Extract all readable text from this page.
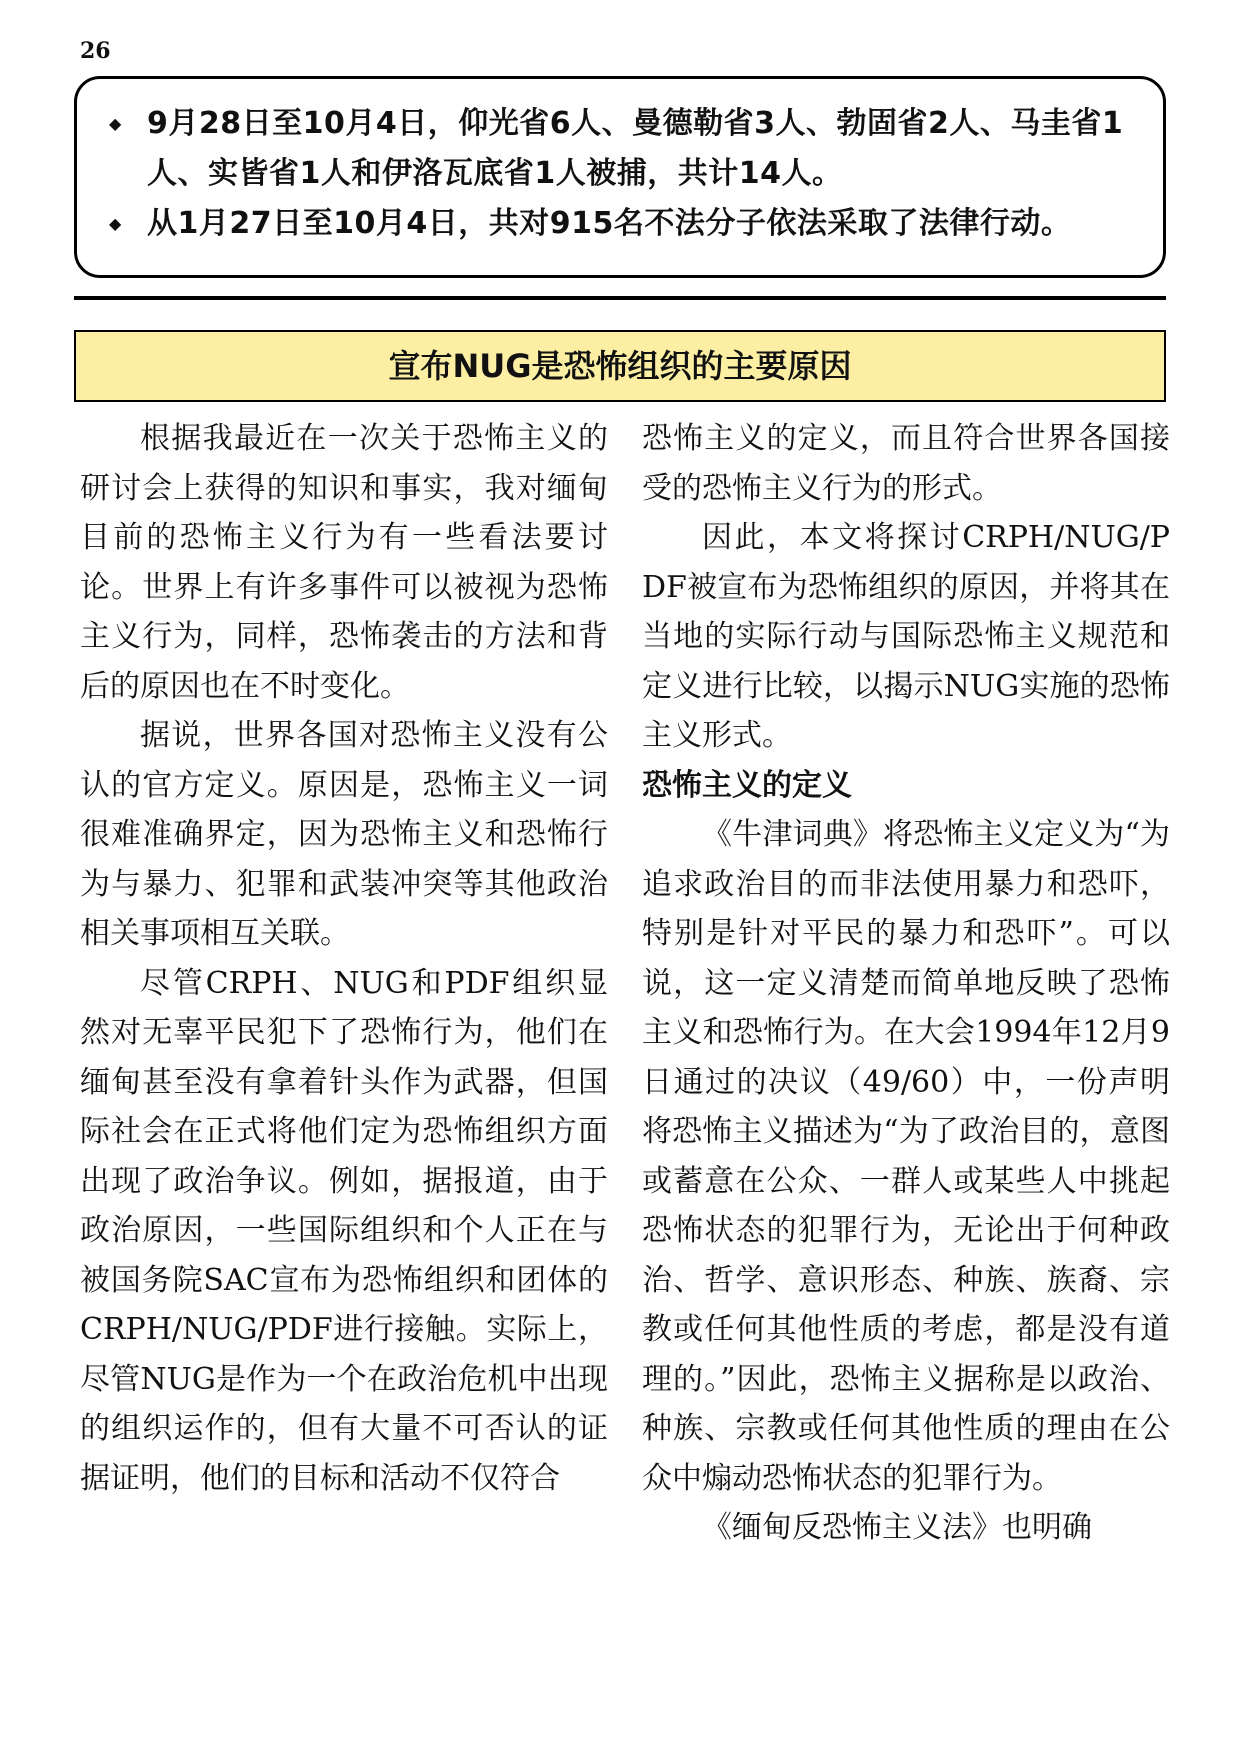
26
◆ 9月28日至10月4日，仰光省6人、曼德勒省3人、勃固省2人、马圭省1人、实皆省1人和伊洛瓦底省1人被捕，共计14人。
◆ 从1月27日至10月4日，共对915名不法分子依法采取了法律行动。
宣布NUG是恐怖组织的主要原因

根据我最近在一次关于恐怖主义的研讨会上获得的知识和事实，我对缅甸目前的恐怖主义行为有一些看法要讨论。世界上有许多事件可以被视为恐怖主义行为，同样，恐怖袭击的方法和背后的原因也在不时变化。

据说，世界各国对恐怖主义没有公认的官方定义。原因是，恐怖主义一词很难准确界定，因为恐怖主义和恐怖行为与暴力、犯罪和武装冲突等其他政治相关事项相互关联。

尽管CRPH、NUG和PDF组织显然对无辜平民犯下了恐怖行为，他们在缅甸甚至没有拿着针头作为武器，但国际社会在正式将他们定为恐怖组织方面出现了政治争议。例如，据报道，由于政治原因，一些国际组织和个人正在与被国务院SAC宣布为恐怖组织和团体的CRPH/NUG/PDF进行接触。实际上，尽管NUG是作为一个在政治危机中出现的组织运作的，但有大量不可否认的证据证明，他们的目标和活动不仅符合

恐怖主义的定义，而且符合世界各国接受的恐怖主义行为的形式。

因此，本文将探讨CRPH/NUG/PDF被宣布为恐怖组织的原因，并将其在当地的实际行动与国际恐怖主义规范和定义进行比较，以揭示NUG实施的恐怖主义形式。

恐怖主义的定义

《牛津词典》将恐怖主义定义为“为追求政治目的而非法使用暴力和恐吓，特别是针对平民的暴力和恐吓”。可以说，这一定义清楚而简单地反映了恐怖主义和恐怖行为。在大会1994年12月9日通过的决议（49/60）中，一份声明将恐怖主义描述为“为了政治目的，意图或蓄意在公众、一群人或某些人中挑起恐怖状态的犯罪行为，无论出于何种政治、哲学、意识形态、种族、族裔、宗教或任何其他性质的考虑，都是没有道理的。”因此，恐怖主义据称是以政治、种族、宗教或任何其他性质的理由在公众中煽动恐怖状态的犯罪行为。

《缅甸反恐怖主义法》也明确
